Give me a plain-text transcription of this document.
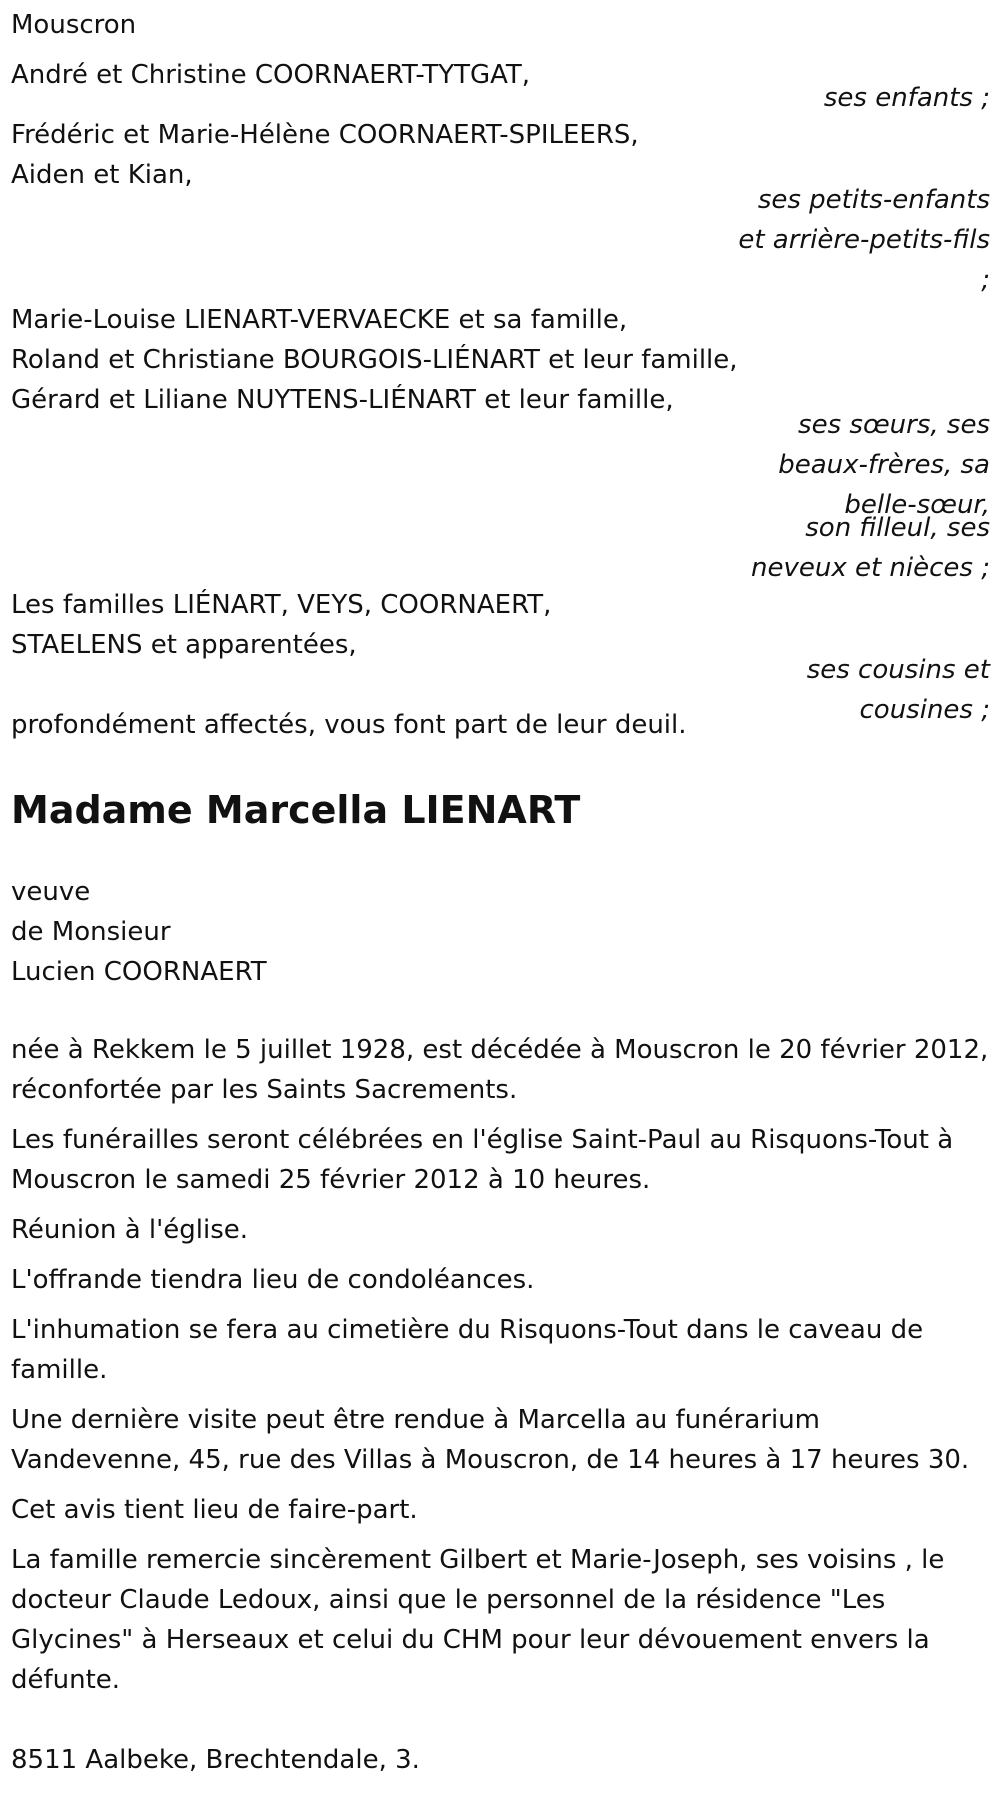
Mouscron

André et Christine COORNAERT-TYTGAT,

ses enfants ;

Frédéric et Marie-Hélène COORNAERT-SPILEERS,

Aiden et Kian,

ses petits-enfants

et arrière-petits-fils

;

Marie-Louise LIENART-VERVAECKE et sa famille,

Roland et Christiane BOURGOIS-LIÉNART et leur famille,

Gérard et Liliane NUYTENS-LIÉNART et leur famille,

ses sœurs, ses

beaux-frères, sa

belle-sœur,

son filleul, ses

neveux et nièces ;

Les familles LIÉNART, VEYS, COORNAERT,

STAELENS et apparentées,

ses cousins et

cousines ;

profondément affectés, vous font part de leur deuil.

Madame Marcella LIENART

veuve

de Monsieur

Lucien COORNAERT

née à Rekkem le 5 juillet 1928, est décédée à Mouscron le 20 février 2012,

réconfortée par les Saints Sacrements.

Les funérailles seront célébrées en l'église Saint-Paul au Risquons-Tout à

Mouscron le samedi 25 février 2012 à 10 heures.

Réunion à l'église.

L'offrande tiendra lieu de condoléances.

L'inhumation se fera au cimetière du Risquons-Tout dans le caveau de

famille.

Une dernière visite peut être rendue à Marcella au funérarium

Vandevenne, 45, rue des Villas à Mouscron, de 14 heures à 17 heures 30.

Cet avis tient lieu de faire-part.

La famille remercie sincèrement Gilbert et Marie-Joseph, ses voisins , le

docteur Claude Ledoux, ainsi que le personnel de la résidence "Les

Glycines" à Herseaux et celui du CHM pour leur dévouement envers la

défunte.

8511 Aalbeke, Brechtendale, 3.
